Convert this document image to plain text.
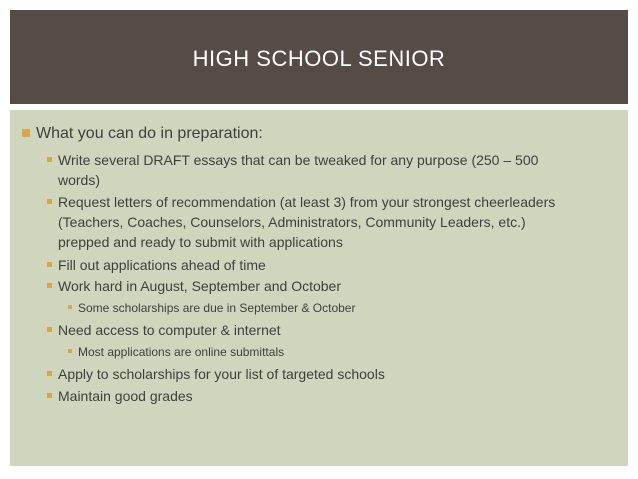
HIGH SCHOOL SENIOR
What you can do in preparation:
Write several DRAFT essays that can be tweaked for any purpose (250 – 500 words)
Request letters of recommendation (at least 3) from your strongest cheerleaders (Teachers, Coaches, Counselors, Administrators, Community Leaders, etc.) prepped and ready to submit with applications
Fill out applications ahead of time
Work hard in August, September and October
Some scholarships are due in September & October
Need access to computer & internet
Most applications are online submittals
Apply to scholarships for your list of targeted schools
Maintain good grades
